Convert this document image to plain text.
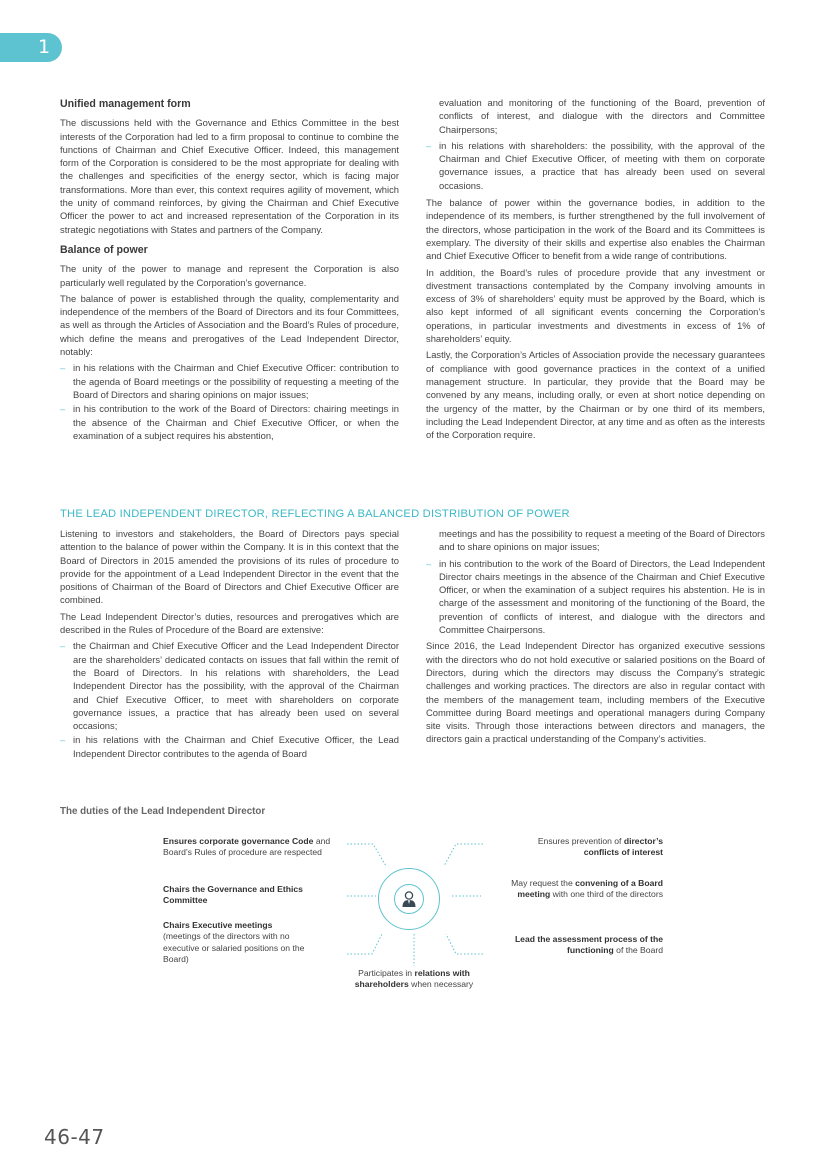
1
Unified management form

The discussions held with the Governance and Ethics Committee in the best interests of the Corporation had led to a firm proposal to continue to combine the functions of Chairman and Chief Executive Officer. Indeed, this management form of the Corporation is considered to be the most appropriate for dealing with the challenges and specificities of the energy sector, which is facing major transformations. More than ever, this context requires agility of movement, which the unity of command reinforces, by giving the Chairman and Chief Executive Officer the power to act and increased representation of the Corporation in its strategic negotiations with States and partners of the Company.

Balance of power

The unity of the power to manage and represent the Corporation is also particularly well regulated by the Corporation’s governance.

The balance of power is established through the quality, complementarity and independence of the members of the Board of Directors and its four Committees, as well as through the Articles of Association and the Board’s Rules of procedure, which define the means and prerogatives of the Lead Independent Director, notably:

– in his relations with the Chairman and Chief Executive Officer: contribution to the agenda of Board meetings or the possibility of requesting a meeting of the Board of Directors and sharing opinions on major issues;
– in his contribution to the work of the Board of Directors: chairing meetings in the absence of the Chairman and Chief Executive Officer, or when the examination of a subject requires his abstention,

evaluation and monitoring of the functioning of the Board, prevention of conflicts of interest, and dialogue with the directors and Committee Chairpersons;

– in his relations with shareholders: the possibility, with the approval of the Chairman and Chief Executive Officer, of meeting with them on corporate governance issues, a practice that has already been used on several occasions.

The balance of power within the governance bodies, in addition to the independence of its members, is further strengthened by the full involvement of the directors, whose participation in the work of the Board and its Committees is exemplary. The diversity of their skills and expertise also enables the Chairman and Chief Executive Officer to benefit from a wide range of contributions.

In addition, the Board’s rules of procedure provide that any investment or divestment transactions contemplated by the Company involving amounts in excess of 3% of shareholders’ equity must be approved by the Board, which is also kept informed of all significant events concerning the Corporation’s operations, in particular investments and divestments in excess of 1% of shareholders’ equity.

Lastly, the Corporation’s Articles of Association provide the necessary guarantees of compliance with good governance practices in the context of a unified management structure. In particular, they provide that the Board may be convened by any means, including orally, or even at short notice depending on the urgency of the matter, by the Chairman or by one third of its members, including the Lead Independent Director, at any time and as often as the interests of the Corporation require.

THE LEAD INDEPENDENT DIRECTOR, REFLECTING A BALANCED DISTRIBUTION OF POWER

Listening to investors and stakeholders, the Board of Directors pays special attention to the balance of power within the Company. It is in this context that the Board of Directors in 2015 amended the provisions of its rules of procedure to provide for the appointment of a Lead Independent Director in the event that the positions of Chairman of the Board of Directors and Chief Executive Officer are combined.

The Lead Independent Director’s duties, resources and prerogatives which are described in the Rules of Procedure of the Board are extensive:

– the Chairman and Chief Executive Officer and the Lead Independent Director are the shareholders’ dedicated contacts on issues that fall within the remit of the Board of Directors. In his relations with shareholders, the Lead Independent Director has the possibility, with the approval of the Chairman and Chief Executive Officer, to meet with shareholders on corporate governance issues, a practice that has already been used on several occasions;
– in his relations with the Chairman and Chief Executive Officer, the Lead Independent Director contributes to the agenda of Board

meetings and has the possibility to request a meeting of the Board of Directors and to share opinions on major issues;

– in his contribution to the work of the Board of Directors, the Lead Independent Director chairs meetings in the absence of the Chairman and Chief Executive Officer, or when the examination of a subject requires his abstention. He is in charge of the assessment and monitoring of the functioning of the Board, the prevention of conflicts of interest, and dialogue with the directors and Committee Chairpersons.

Since 2016, the Lead Independent Director has organized executive sessions with the directors who do not hold executive or salaried positions on the Board of Directors, during which the directors may discuss the Company’s strategic challenges and working practices. The directors are also in regular contact with the members of the management team, including members of the Executive Committee during Board meetings and operational managers during Company site visits. Through those interactions between directors and managers, the directors gain a practical understanding of the Company’s activities.

The duties of the Lead Independent Director
Ensures corporate governance Code and Board’s Rules of procedure are respected
Chairs the Governance and Ethics Committee
Chairs Executive meetings
(meetings of the directors with no executive or salaried positions on the Board)
Ensures prevention of director’s conflicts of interest
May request the convening of a Board meeting with one third of the directors
Lead the assessment process of the functioning of the Board
Participates in relations with
shareholders when necessary
46-47
